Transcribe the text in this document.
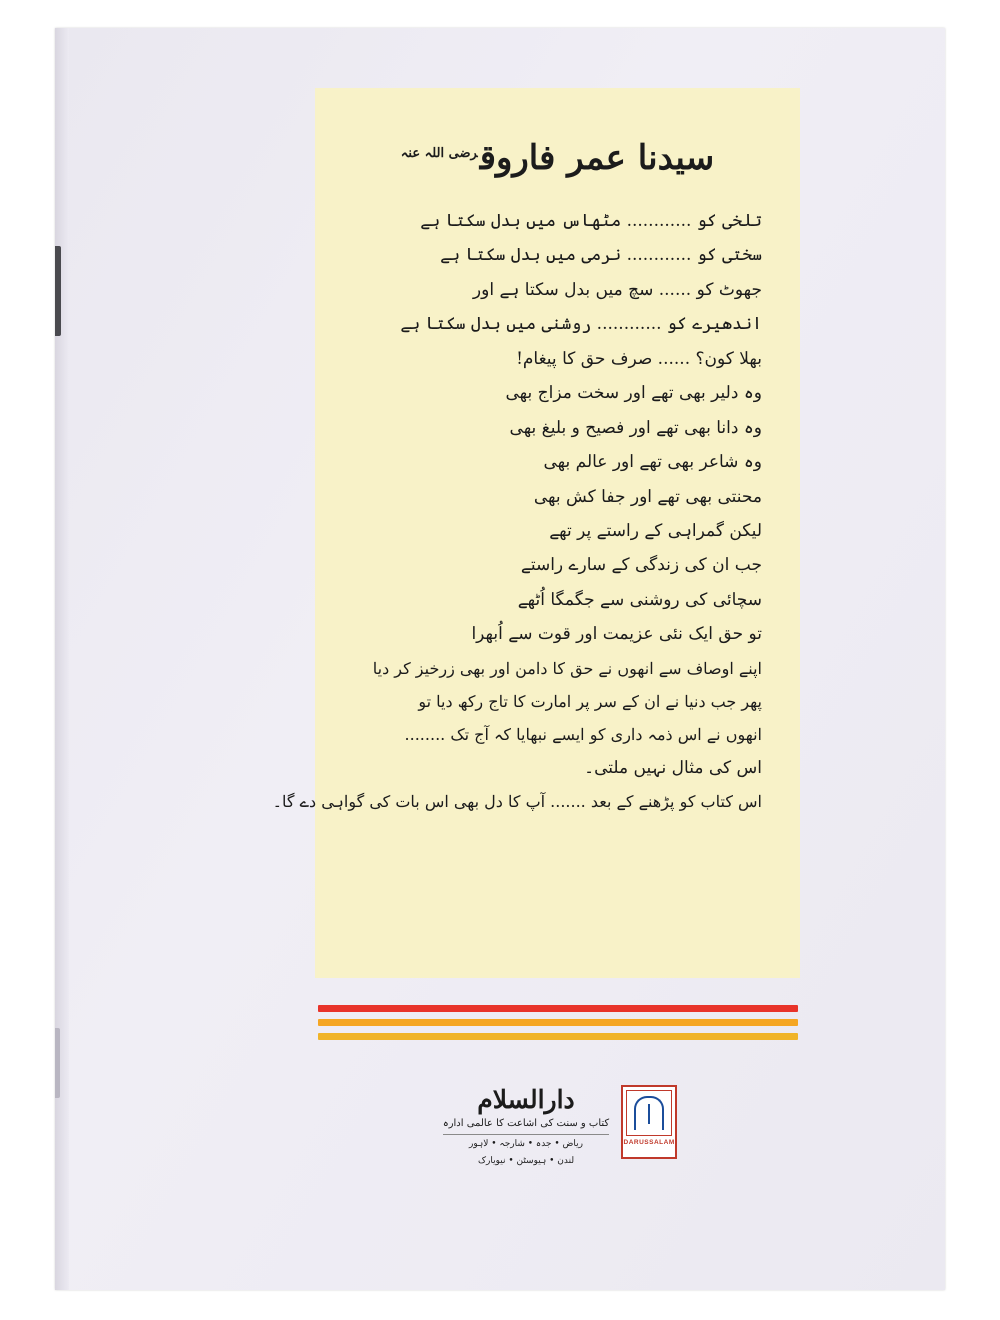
سیدنا عمر فاروق$^{رضی اللہ عنہ}$
تلخی کو ............ مٹھاس میں بدل سکتا ہے
سختی کو ............ نرمی میں بدل سکتا ہے
جھوٹ کو ...... سچ میں بدل سکتا ہے اور
اندھیرے کو ............ روشنی میں بدل سکتا ہے
بھلا کون؟ ...... صرف حق کا پیغام!
وہ دلیر بھی تھے اور سخت مزاج بھی
وہ دانا بھی تھے اور فصیح و بلیغ بھی
وہ شاعر بھی تھے اور عالم بھی
محنتی بھی تھے اور جفا کش بھی
لیکن گمراہی کے راستے پر تھے
جب ان کی زندگی کے سارے راستے
سچائی کی روشنی سے جگمگا اُٹھے
تو حق ایک نئی عزیمت اور قوت سے اُبھرا
اپنے اوصاف سے انھوں نے حق کا دامن اور بھی زرخیز کر دیا
پھر جب دنیا نے ان کے سر پر امارت کا تاج رکھ دیا تو
انھوں نے اس ذمہ داری کو ایسے نبھایا کہ آج تک ........
اس کی مثال نہیں ملتی۔
اس کتاب کو پڑھنے کے بعد ....... آپ کا دل بھی اس بات کی گواہی دے گا۔
DARUSSALAM
دارالسلام
کتاب و سنت کی اشاعت کا عالمی ادارہ
ریاض • جدہ • شارجہ • لاہور
لندن • ہیوسٹن • نیویارک
